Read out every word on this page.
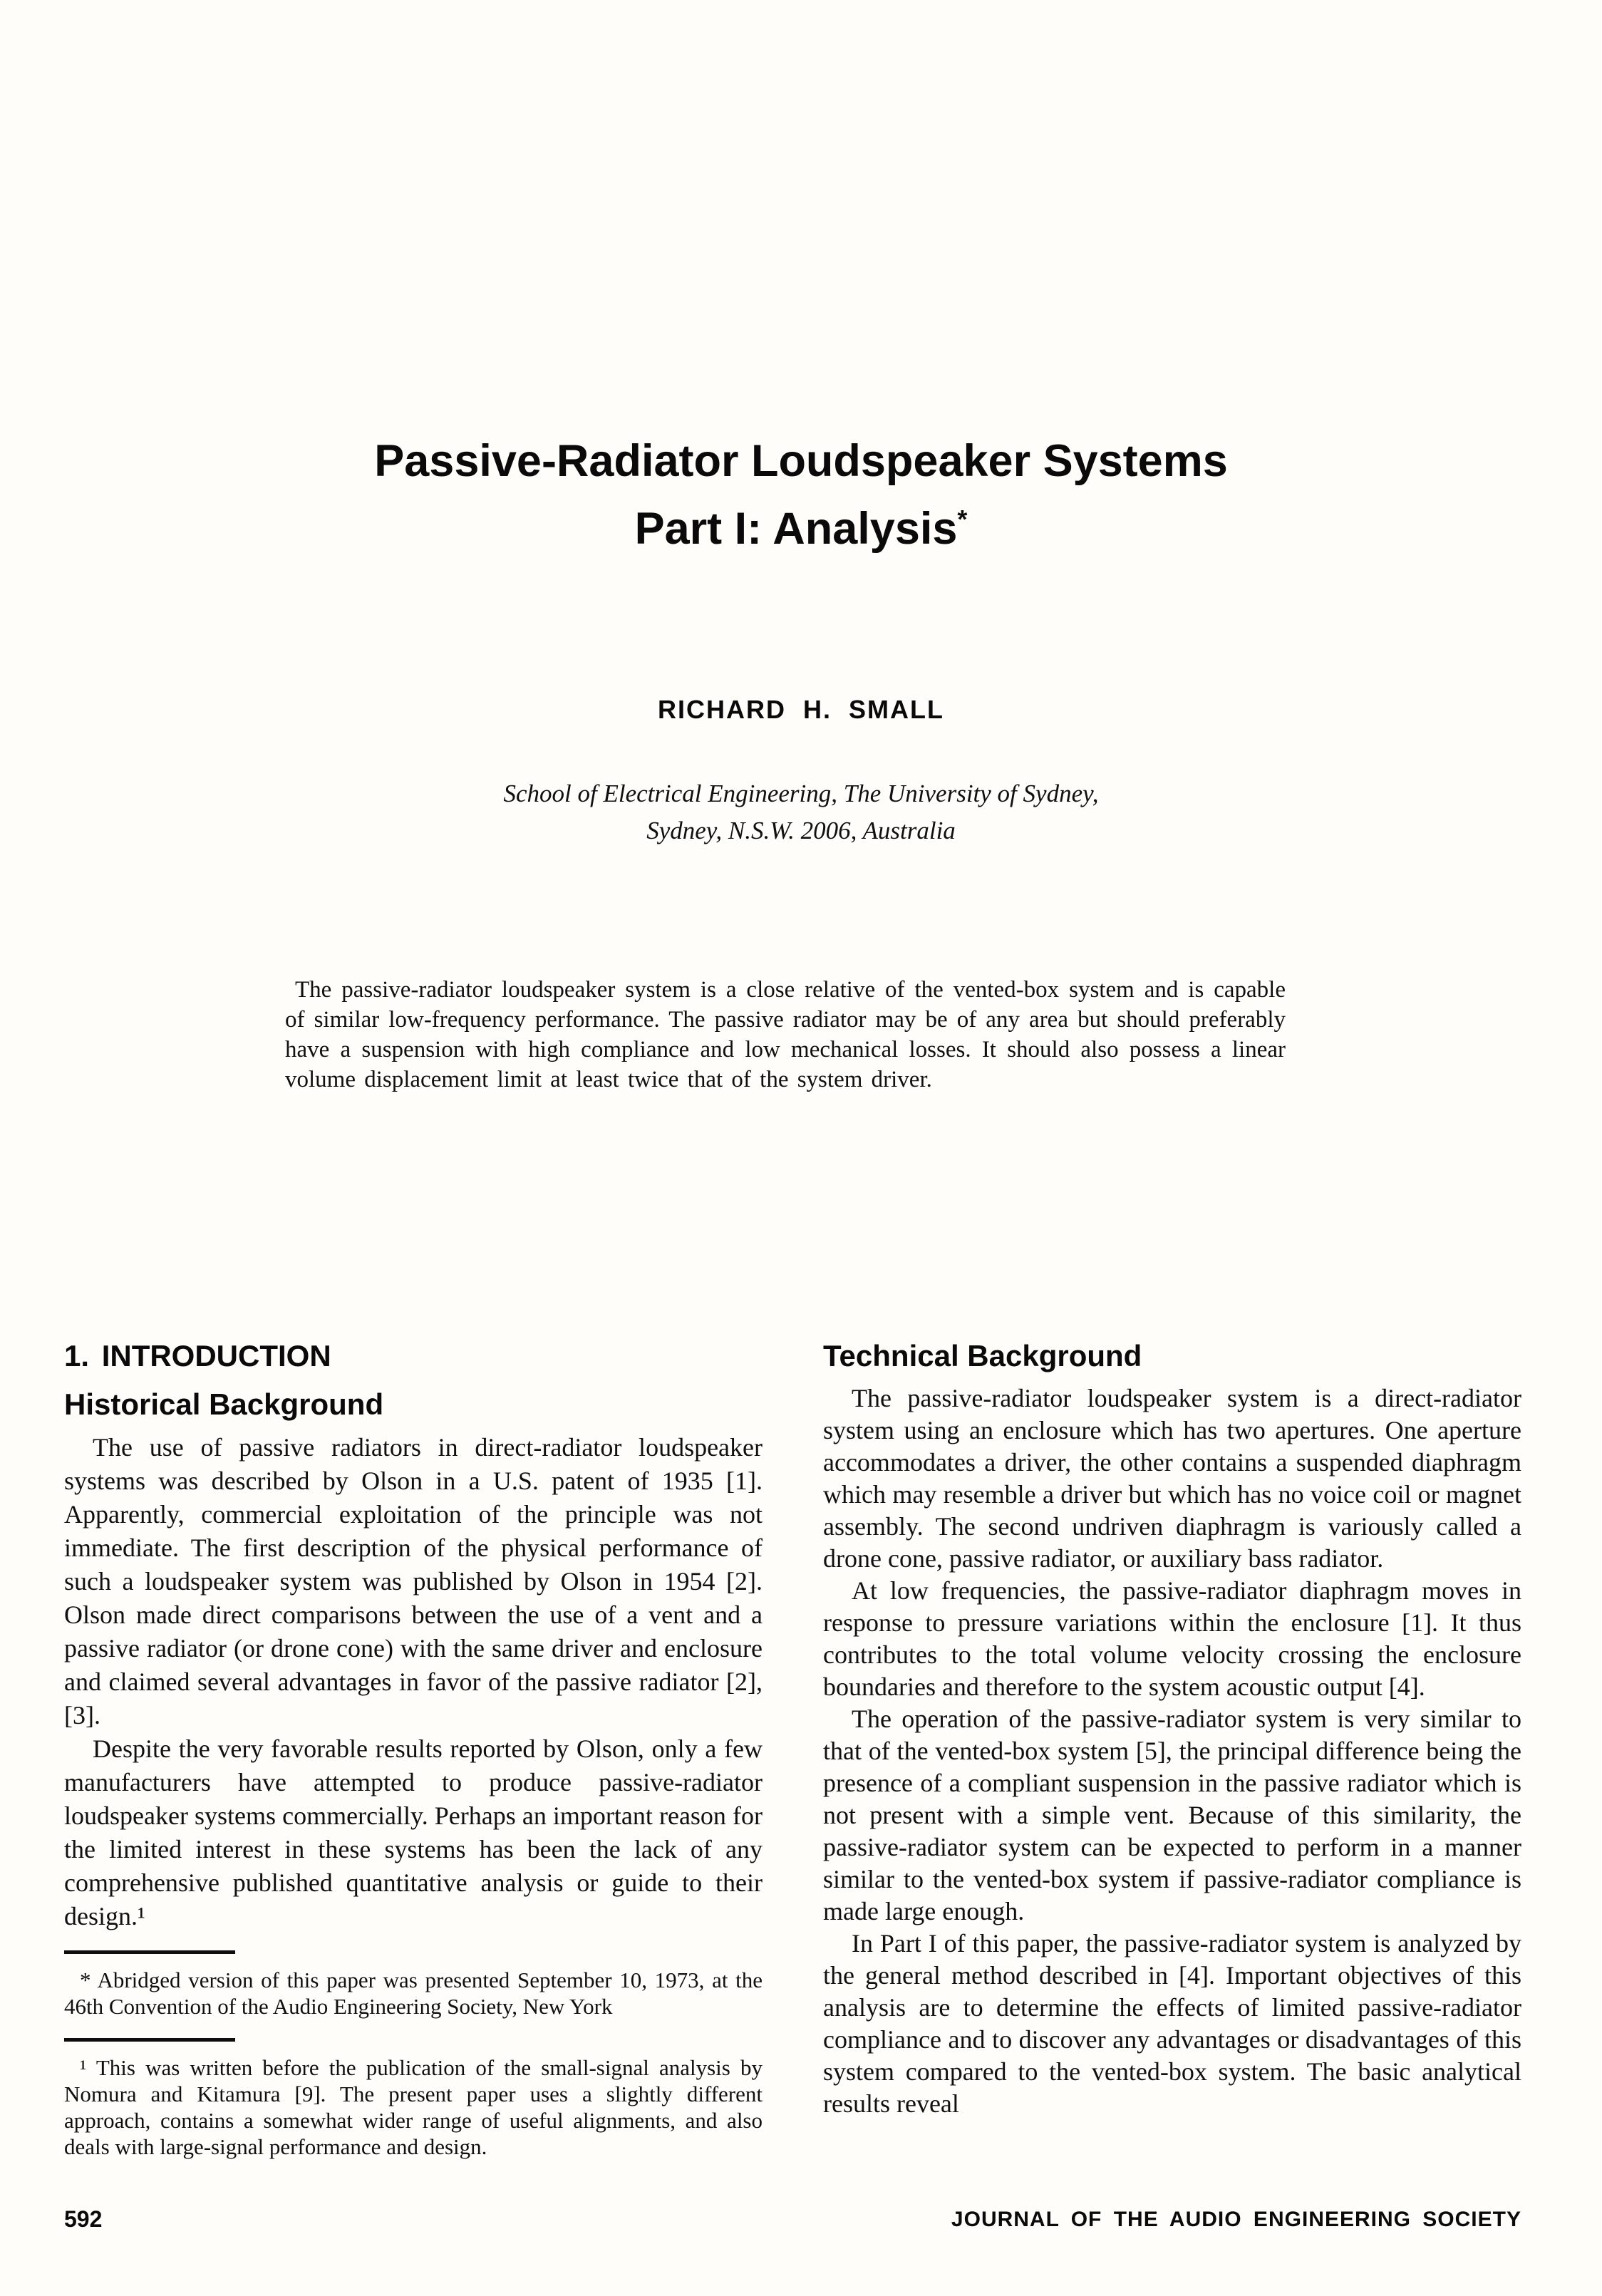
Passive-Radiator Loudspeaker Systems
Part I: Analysis*
RICHARD H. SMALL
School of Electrical Engineering, The University of Sydney,
Sydney, N.S.W. 2006, Australia

The passive-radiator loudspeaker system is a close relative of the vented-box system and is capable of similar low-frequency performance. The passive radiator may be of any area but should preferably have a suspension with high compliance and low mechanical losses. It should also possess a linear volume displacement limit at least twice that of the system driver.

1. INTRODUCTION
Historical Background

The use of passive radiators in direct-radiator loudspeaker systems was described by Olson in a U.S. patent of 1935 [1]. Apparently, commercial exploitation of the principle was not immediate. The first description of the physical performance of such a loudspeaker system was published by Olson in 1954 [2]. Olson made direct comparisons between the use of a vent and a passive radiator (or drone cone) with the same driver and enclosure and claimed several advantages in favor of the passive radiator [2], [3].

Despite the very favorable results reported by Olson, only a few manufacturers have attempted to produce passive-radiator loudspeaker systems commercially. Perhaps an important reason for the limited interest in these systems has been the lack of any comprehensive published quantitative analysis or guide to their design.¹

* Abridged version of this paper was presented September 10, 1973, at the 46th Convention of the Audio Engineering Society, New York

¹ This was written before the publication of the small-signal analysis by Nomura and Kitamura [9]. The present paper uses a slightly different approach, contains a somewhat wider range of useful alignments, and also deals with large-signal performance and design.

Technical Background

The passive-radiator loudspeaker system is a direct-radiator system using an enclosure which has two apertures. One aperture accommodates a driver, the other contains a suspended diaphragm which may resemble a driver but which has no voice coil or magnet assembly. The second undriven diaphragm is variously called a drone cone, passive radiator, or auxiliary bass radiator.

At low frequencies, the passive-radiator diaphragm moves in response to pressure variations within the enclosure [1]. It thus contributes to the total volume velocity crossing the enclosure boundaries and therefore to the system acoustic output [4].

The operation of the passive-radiator system is very similar to that of the vented-box system [5], the principal difference being the presence of a compliant suspension in the passive radiator which is not present with a simple vent. Because of this similarity, the passive-radiator system can be expected to perform in a manner similar to the vented-box system if passive-radiator compliance is made large enough.

In Part I of this paper, the passive-radiator system is analyzed by the general method described in [4]. Important objectives of this analysis are to determine the effects of limited passive-radiator compliance and to discover any advantages or disadvantages of this system compared to the vented-box system. The basic analytical results reveal

592	JOURNAL OF THE AUDIO ENGINEERING SOCIETY
